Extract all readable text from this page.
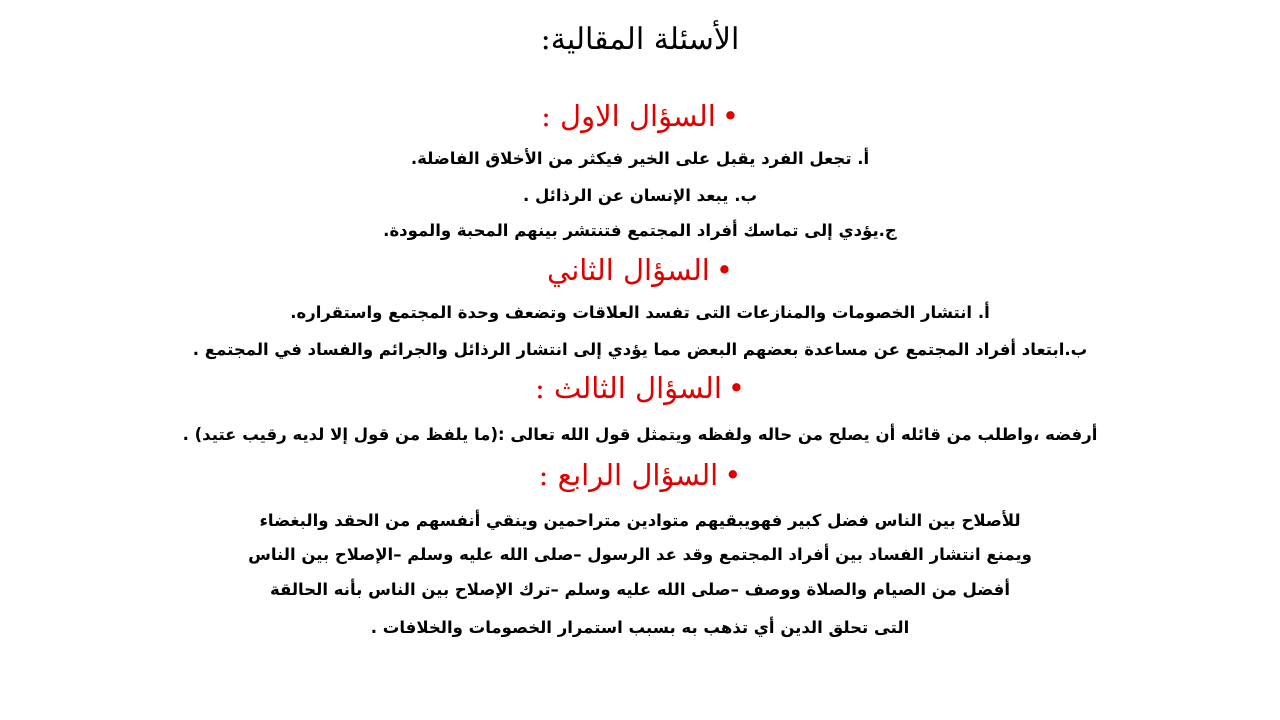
الأسئلة المقالية:
•السؤال الاول :
أ. تجعل الفرد يقبل على الخير فيكثر من الأخلاق الفاضلة.
ب. يبعد الإنسان عن الرذائل .
ج.يؤدي إلى تماسك أفراد المجتمع فتنتشر بينهم المحبة والمودة.
•السؤال الثاني
أ. انتشار الخصومات والمنازعات التى تفسد العلاقات وتضعف وحدة المجتمع واستقراره.
ب.ابتعاد أفراد المجتمع عن مساعدة بعضهم البعض مما يؤدي إلى انتشار الرذائل والجرائم والفساد في المجتمع .
•السؤال الثالث :
أرفضه ،واطلب من قائله أن يصلح من حاله ولفظه ويتمثل قول الله تعالى :(ما يلفظ من قول إلا لديه رقيب عتيد) .
•السؤال الرابع :
للأصلاح بين الناس فضل كبير فهويبقيهم متوادين متراحمين وينقي أنفسهم من الحقد والبغضاء
ويمنع انتشار الفساد بين أفراد المجتمع وقد عد الرسول –صلى الله عليه وسلم –الإصلاح بين الناس
أفضل من الصيام والصلاة ووصف –صلى الله عليه وسلم –ترك الإصلاح بين الناس بأنه الحالقة
التى تحلق الدين أي تذهب به بسبب استمرار الخصومات والخلافات .
